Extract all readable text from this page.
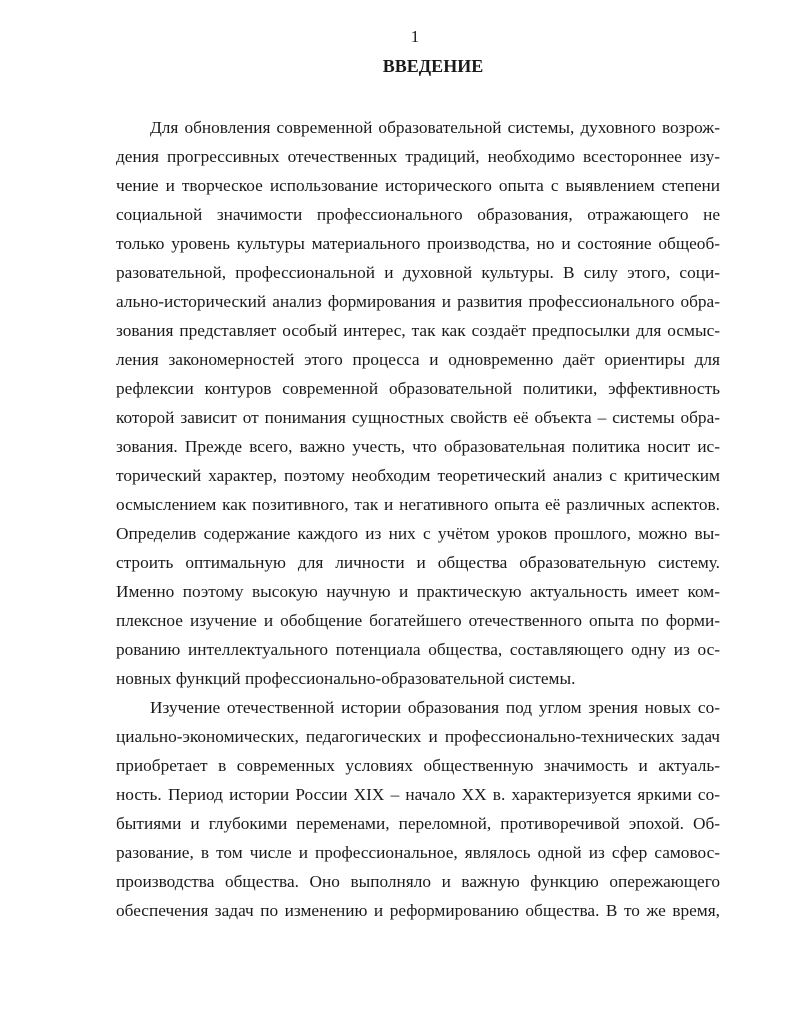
1
ВВЕДЕНИЕ
Для обновления современной образовательной системы, духовного возрож-
дения прогрессивных отечественных традиций, необходимо всестороннее изу-
чение и творческое использование исторического опыта с выявлением степени
социальной значимости профессионального образования, отражающего не
только уровень культуры материального производства, но и состояние общеоб-
разовательной, профессиональной и духовной культуры. В силу этого, соци-
ально-исторический анализ формирования и развития профессионального обра-
зования представляет особый интерес, так как создаёт предпосылки для осмыс-
ления закономерностей этого процесса и одновременно даёт ориентиры для
рефлексии контуров современной образовательной политики, эффективность
которой зависит от понимания сущностных свойств её объекта – системы обра-
зования. Прежде всего, важно учесть, что образовательная политика носит ис-
торический характер, поэтому необходим теоретический анализ с критическим
осмыслением как позитивного, так и негативного опыта её различных аспектов.
Определив содержание каждого из них с учётом уроков прошлого, можно вы-
строить оптимальную для личности и общества образовательную систему.
Именно поэтому высокую научную и практическую актуальность имеет ком-
плексное изучение и обобщение богатейшего отечественного опыта по форми-
рованию интеллектуального потенциала общества, составляющего одну из ос-
новных функций профессионально-образовательной системы.
Изучение отечественной истории образования под углом зрения новых со-
циально-экономических, педагогических и профессионально-технических задач
приобретает в современных условиях общественную значимость и актуаль-
ность. Период истории России XIX – начало XX в. характеризуется яркими со-
бытиями и глубокими переменами, переломной, противоречивой эпохой. Об-
разование, в том числе и профессиональное, являлось одной из сфер самовос-
производства общества. Оно выполняло и важную функцию опережающего
обеспечения задач по изменению и реформированию общества. В то же время,
